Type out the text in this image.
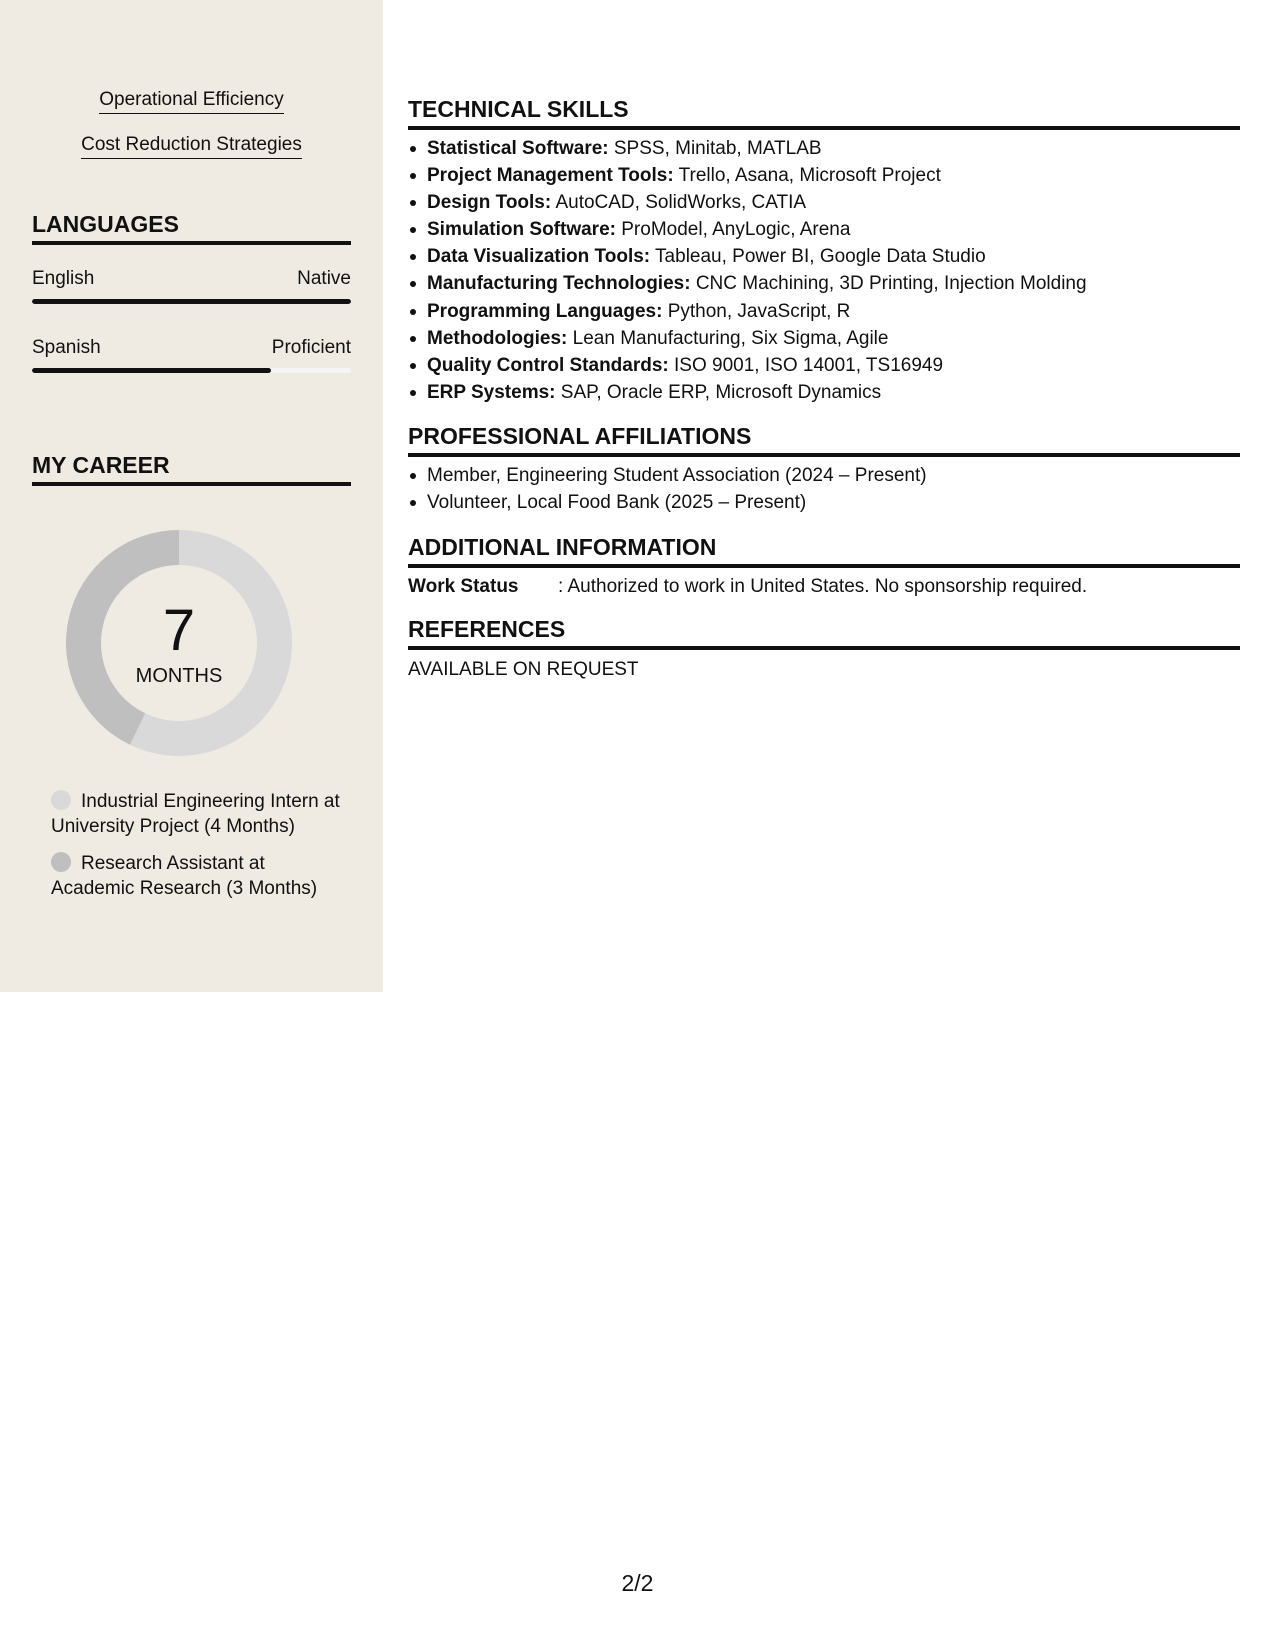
Operational Efficiency
Cost Reduction Strategies
LANGUAGES
English	Native
Spanish	Proficient
MY CAREER
7
MONTHS
Industrial Engineering Intern at University Project (4 Months)
Research Assistant at Academic Research (3 Months)
TECHNICAL SKILLS
Statistical Software: SPSS, Minitab, MATLAB
Project Management Tools: Trello, Asana, Microsoft Project
Design Tools: AutoCAD, SolidWorks, CATIA
Simulation Software: ProModel, AnyLogic, Arena
Data Visualization Tools: Tableau, Power BI, Google Data Studio
Manufacturing Technologies: CNC Machining, 3D Printing, Injection Molding
Programming Languages: Python, JavaScript, R
Methodologies: Lean Manufacturing, Six Sigma, Agile
Quality Control Standards: ISO 9001, ISO 14001, TS16949
ERP Systems: SAP, Oracle ERP, Microsoft Dynamics
PROFESSIONAL AFFILIATIONS
Member, Engineering Student Association (2024 – Present)
Volunteer, Local Food Bank (2025 – Present)
ADDITIONAL INFORMATION
Work Status	: Authorized to work in United States. No sponsorship required.
REFERENCES
AVAILABLE ON REQUEST
2/2
